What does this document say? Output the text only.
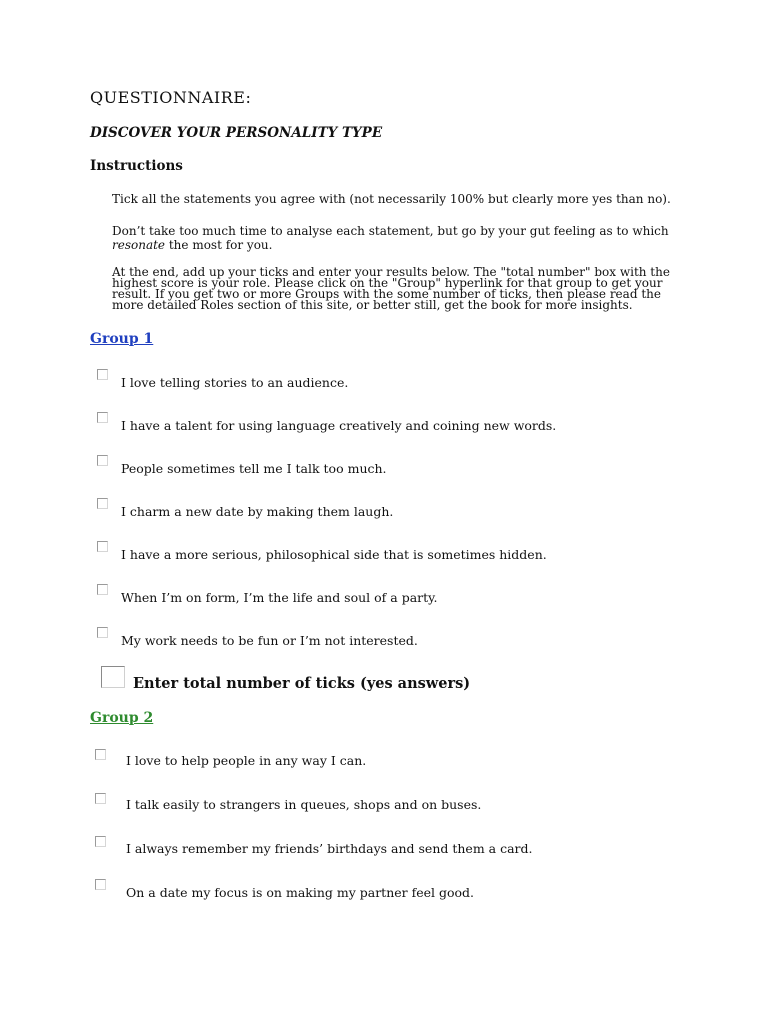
QUESTIONNAIRE:
DISCOVER YOUR PERSONALITY TYPE
Instructions
Tick all the statements you agree with (not necessarily 100% but clearly more yes than no).
Don’t take too much time to analyse each statement, but go by your gut feeling as to which resonate the most for you.
At the end, add up your ticks and enter your results below. The "total number" box with the highest score is your role. Please click on the "Group" hyperlink for that group to get your result. If you get two or more Groups with the some number of ticks, then please read the more detailed Roles section of this site, or better still, get the book for more insights.
Group 1
I love telling stories to an audience.
I have a talent for using language creatively and coining new words.
People sometimes tell me I talk too much.
I charm a new date by making them laugh.
I have a more serious, philosophical side that is sometimes hidden.
When I’m on form, I’m the life and soul of a party.
My work needs to be fun or I’m not interested.
Enter total number of ticks (yes answers)
Group 2
I love to help people in any way I can.
I talk easily to strangers in queues, shops and on buses.
I always remember my friends’ birthdays and send them a card.
On a date my focus is on making my partner feel good.
